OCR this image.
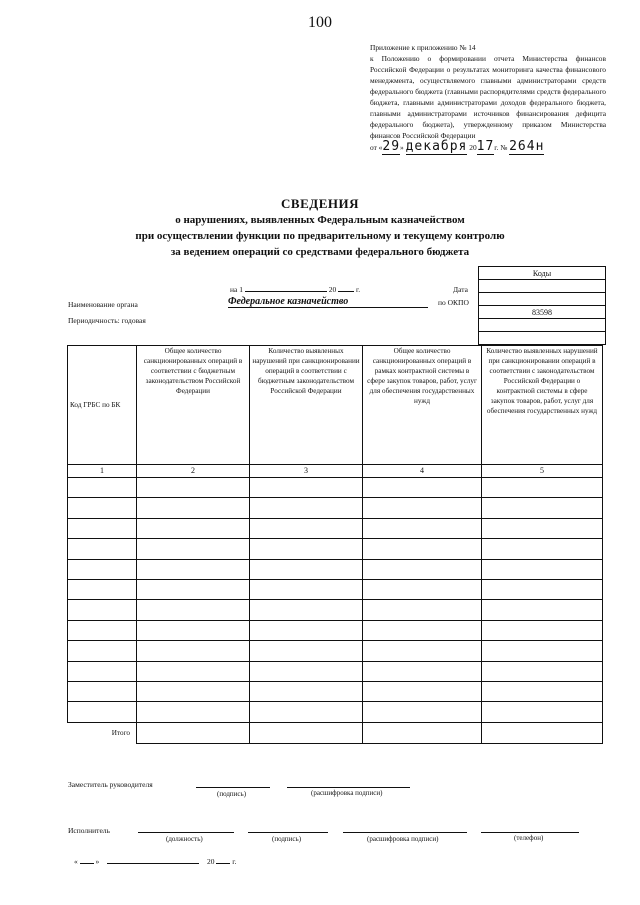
100
Приложение к приложению № 14
к Положению о формировании отчета Министерства финансов Российской Федерации о результатах мониторинга качества финансового менеджмента, осуществляемого главными администраторами средств федерального бюджета (главными распорядителями средств федерального бюджета, главными администраторами доходов федерального бюджета, главными администраторами источников финансирования дефицита федерального бюджета), утвержденному приказом Министерства финансов Российской Федерации
от «29» декабря 2017г. № 264н
СВЕДЕНИЯ
о нарушениях, выявленных Федеральным казначейством
при осуществлении функции по предварительному и текущему контролю
за ведением операций со средствами федерального бюджета
Коды

83598

на 1	20	г.	Дата
по ОКПО
Наименование органа	Федеральное казначейство
Периодичность: годовая
Код ГРБС по БК	Общее количество санкционированных операций в соответствии с бюджетным законодательством Российской Федерации	Количество выявленных нарушений при санкционировании операций в соответствии с бюджетным законодательством Российской Федерации	Общее количество санкционированных операций в рамках контрактной системы в сфере закупок товаров, работ, услуг для обеспечения государственных нужд	Количество выявленных нарушений при санкционировании операций в соответствии с законодательством Российской Федерации о контрактной системы в сфере закупок товаров, работ, услуг для обеспечения государственных нужд
1	2	3	4	5

Итого				
Заместитель руководителя
(подпись)	(расшифровка подписи)
Исполнитель
(должность)	(подпись)	(расшифровка подписи)	(телефон)
« »	20 г.
